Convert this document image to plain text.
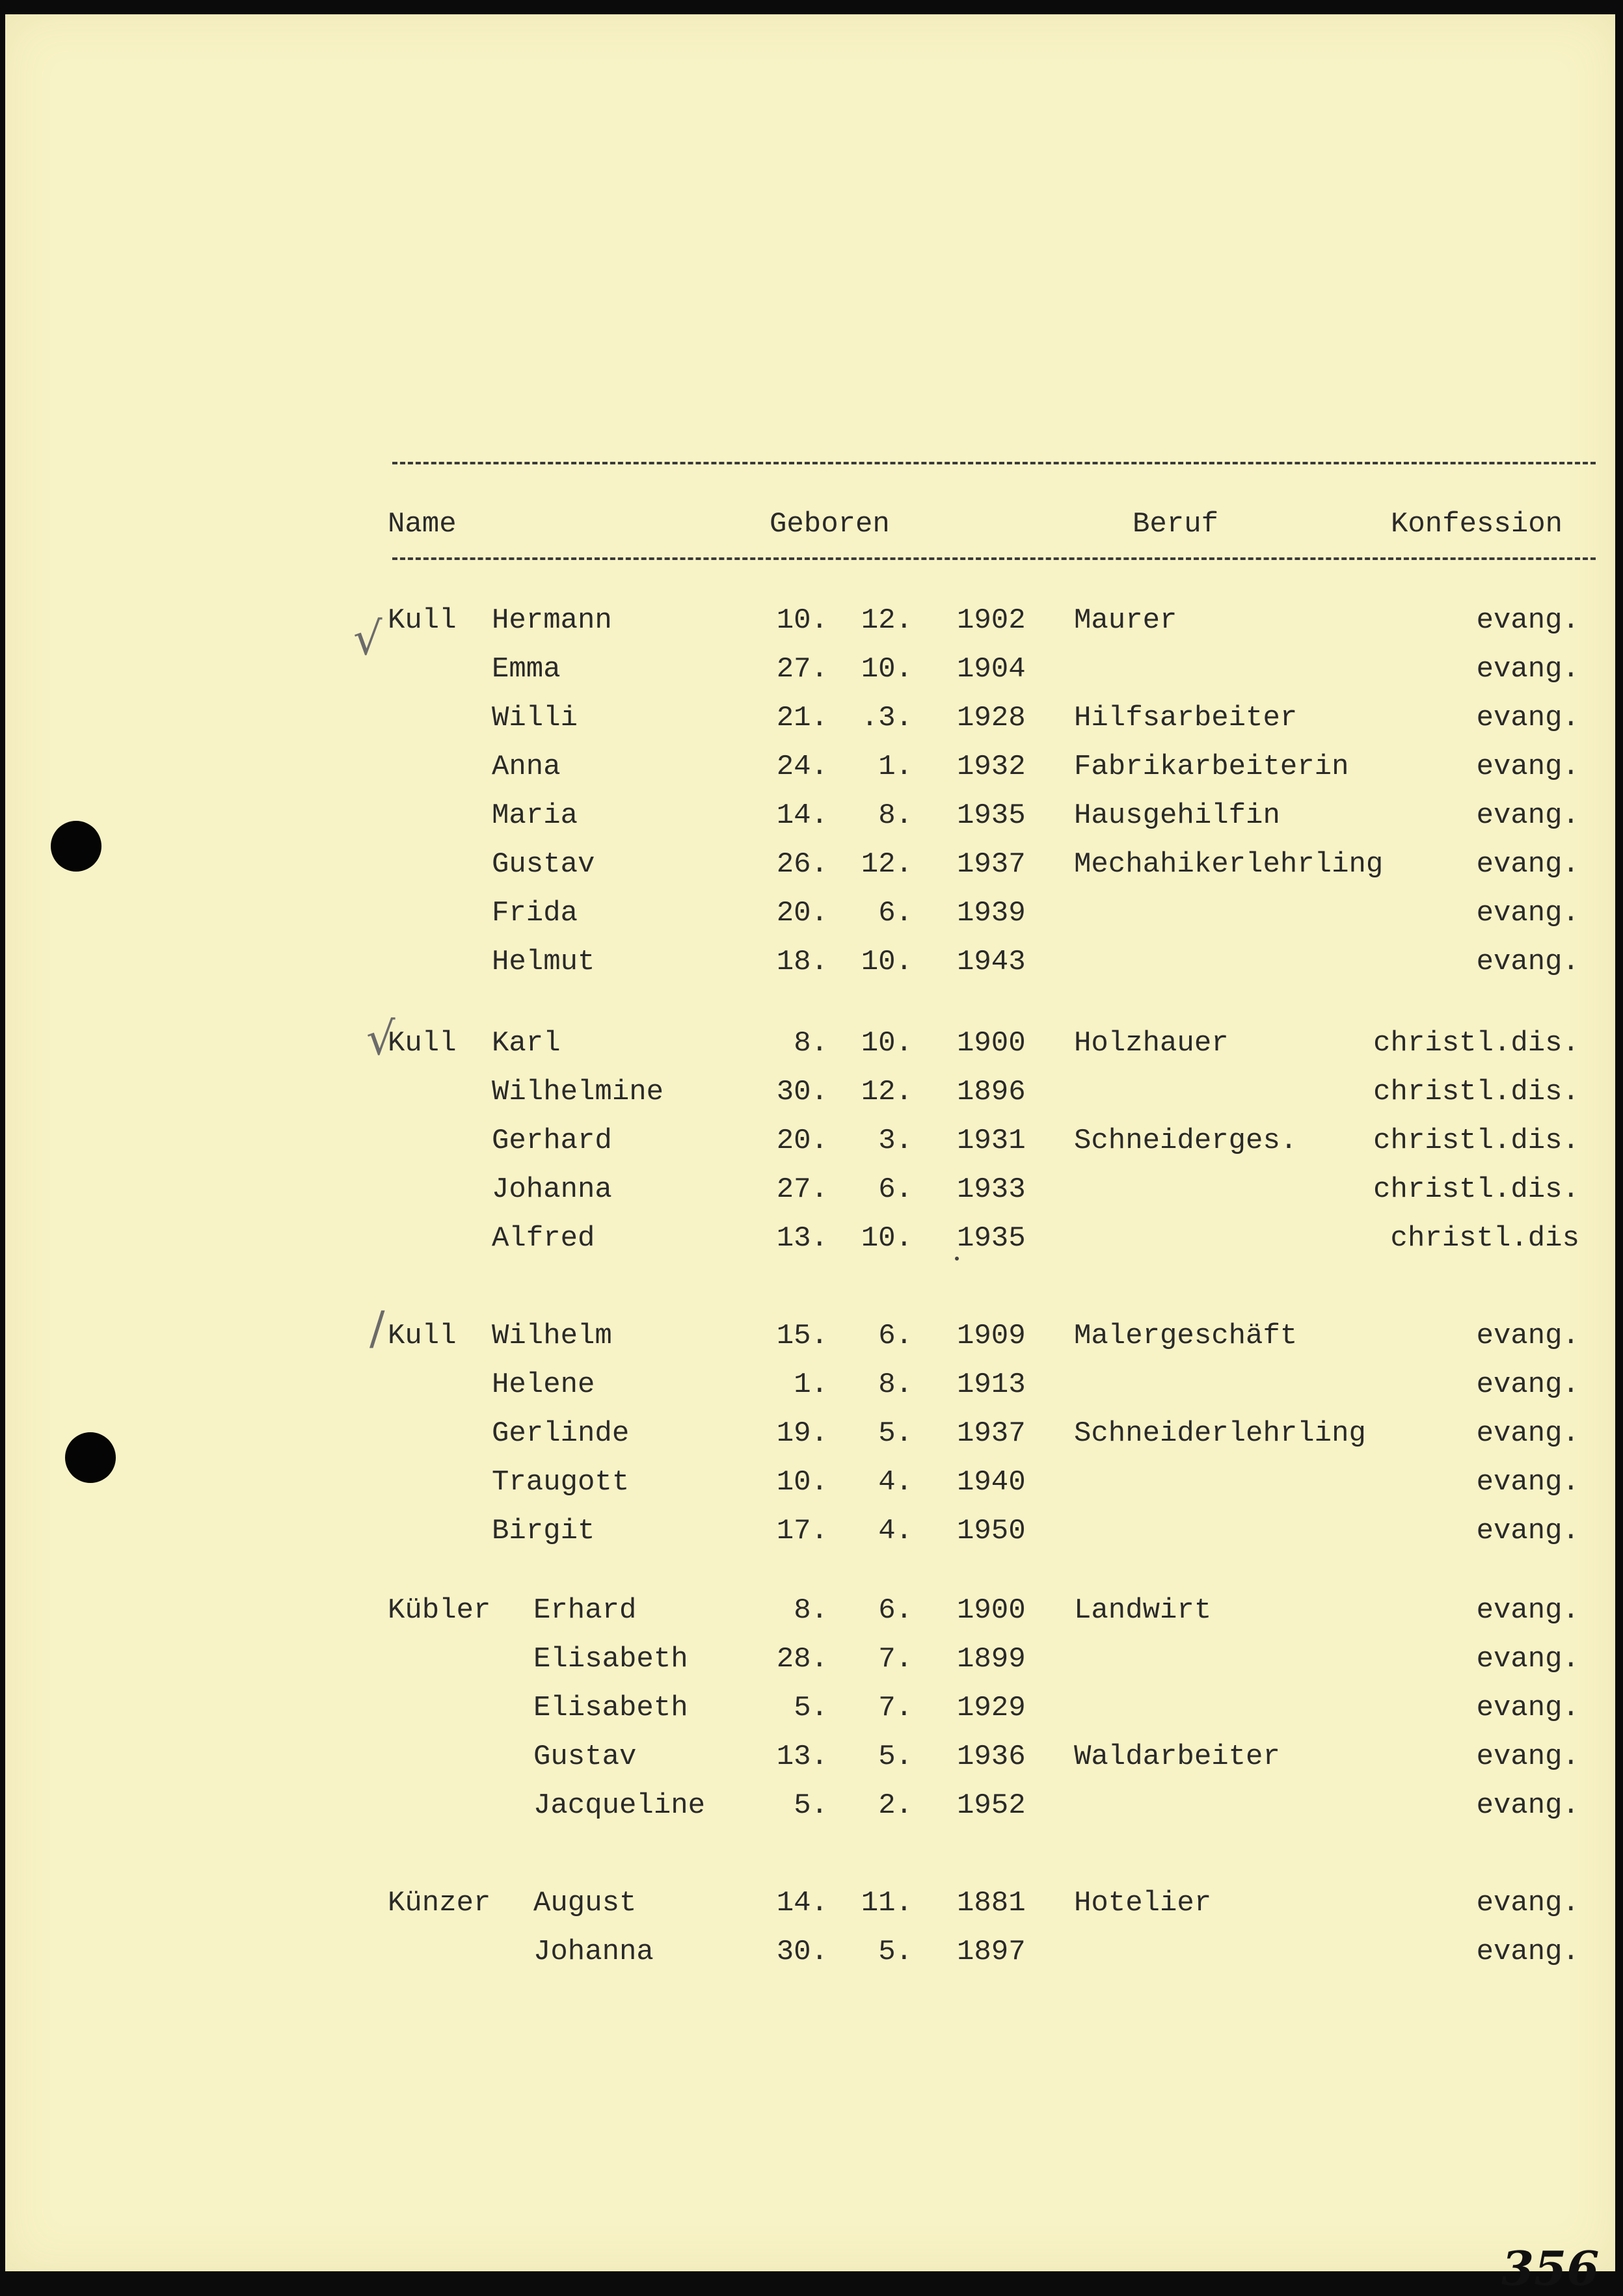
Name	Geboren	Beruf	Konfession
√
√
/
Kull Hermann	10. 12. 1902 Maurer	evang.
Emma	27. 10. 1904	evang.
Willi	21. .3. 1928 Hilfsarbeiter	evang.
Anna	24. 1. 1932 Fabrikarbeiterin	evang.
Maria	14. 8. 1935 Hausgehilfin	evang.
Gustav	26. 12. 1937 Mechahikerlehrling	evang.
Frida	20. 6. 1939	evang.
Helmut	18. 10. 1943	evang.
Kull Karl	8. 10. 1900 Holzhauer	christl.dis.
Wilhelmine	30. 12. 1896	christl.dis.
Gerhard	20. 3. 1931 Schneiderges.	christl.dis.
Johanna	27. 6. 1933	christl.dis.
Alfred	13. 10. 1935	christl.dis
Kull Wilhelm	15. 6. 1909 Malergeschäft	evang.
Helene	1. 8. 1913	evang.
Gerlinde	19. 5. 1937 Schneiderlehrling	evang.
Traugott	10. 4. 1940	evang.
Birgit	17. 4. 1950	evang.
Kübler Erhard	8. 6. 1900 Landwirt	evang.
Elisabeth	28. 7. 1899	evang.
Elisabeth	5. 7. 1929	evang.
Gustav	13. 5. 1936 Waldarbeiter	evang.
Jacqueline	5. 2. 1952	evang.
Künzer August	14. 11. 1881 Hotelier	evang.
Johanna	30. 5. 1897	evang.
356
